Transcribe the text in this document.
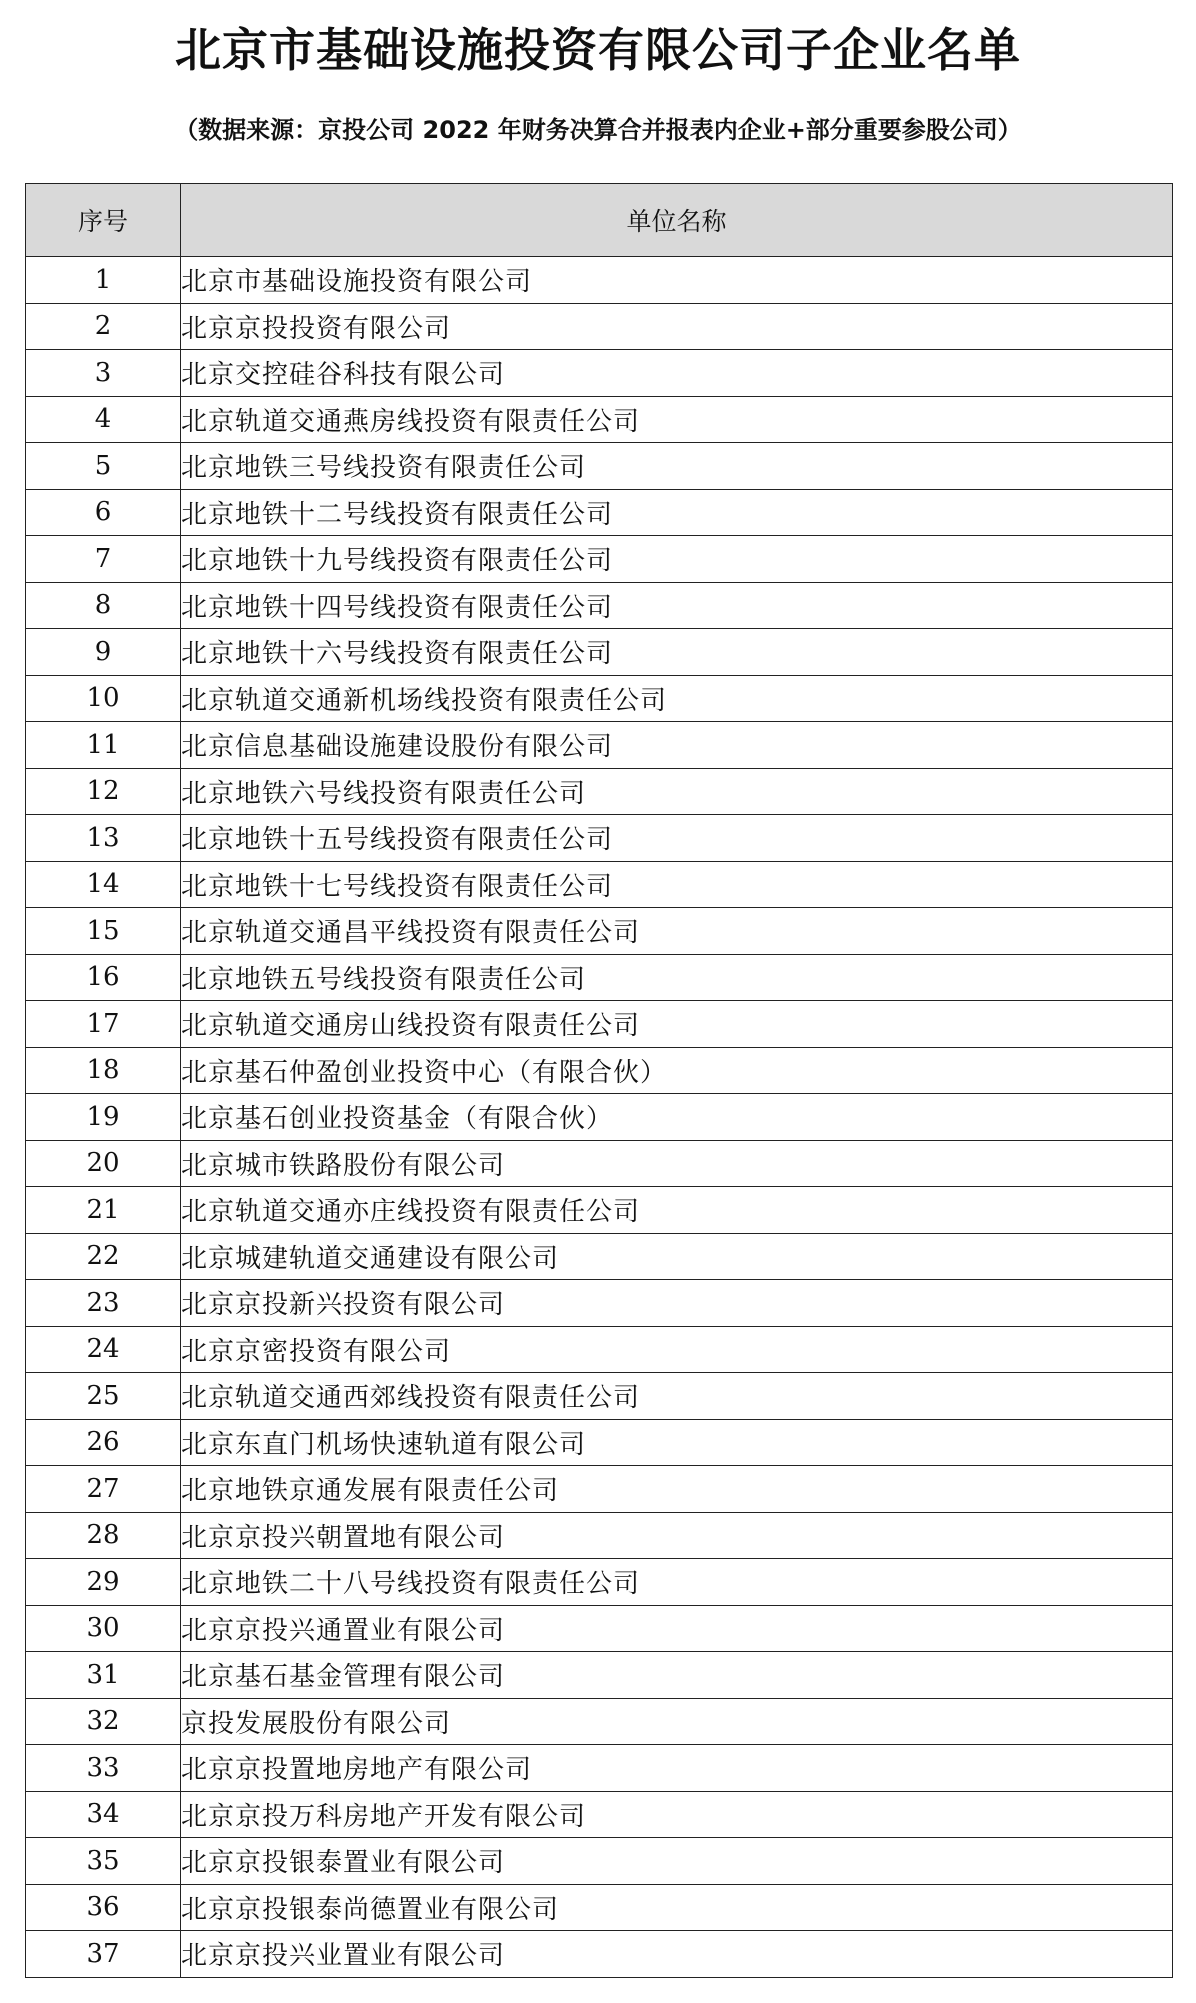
北京市基础设施投资有限公司子企业名单

（数据来源：京投公司 2022 年财务决算合并报表内企业+部分重要参股公司）

序号	单位名称
1	北京市基础设施投资有限公司
2	北京京投投资有限公司
3	北京交控硅谷科技有限公司
4	北京轨道交通燕房线投资有限责任公司
5	北京地铁三号线投资有限责任公司
6	北京地铁十二号线投资有限责任公司
7	北京地铁十九号线投资有限责任公司
8	北京地铁十四号线投资有限责任公司
9	北京地铁十六号线投资有限责任公司
10	北京轨道交通新机场线投资有限责任公司
11	北京信息基础设施建设股份有限公司
12	北京地铁六号线投资有限责任公司
13	北京地铁十五号线投资有限责任公司
14	北京地铁十七号线投资有限责任公司
15	北京轨道交通昌平线投资有限责任公司
16	北京地铁五号线投资有限责任公司
17	北京轨道交通房山线投资有限责任公司
18	北京基石仲盈创业投资中心（有限合伙）
19	北京基石创业投资基金（有限合伙）
20	北京城市铁路股份有限公司
21	北京轨道交通亦庄线投资有限责任公司
22	北京城建轨道交通建设有限公司
23	北京京投新兴投资有限公司
24	北京京密投资有限公司
25	北京轨道交通西郊线投资有限责任公司
26	北京东直门机场快速轨道有限公司
27	北京地铁京通发展有限责任公司
28	北京京投兴朝置地有限公司
29	北京地铁二十八号线投资有限责任公司
30	北京京投兴通置业有限公司
31	北京基石基金管理有限公司
32	京投发展股份有限公司
33	北京京投置地房地产有限公司
34	北京京投万科房地产开发有限公司
35	北京京投银泰置业有限公司
36	北京京投银泰尚德置业有限公司
37	北京京投兴业置业有限公司
